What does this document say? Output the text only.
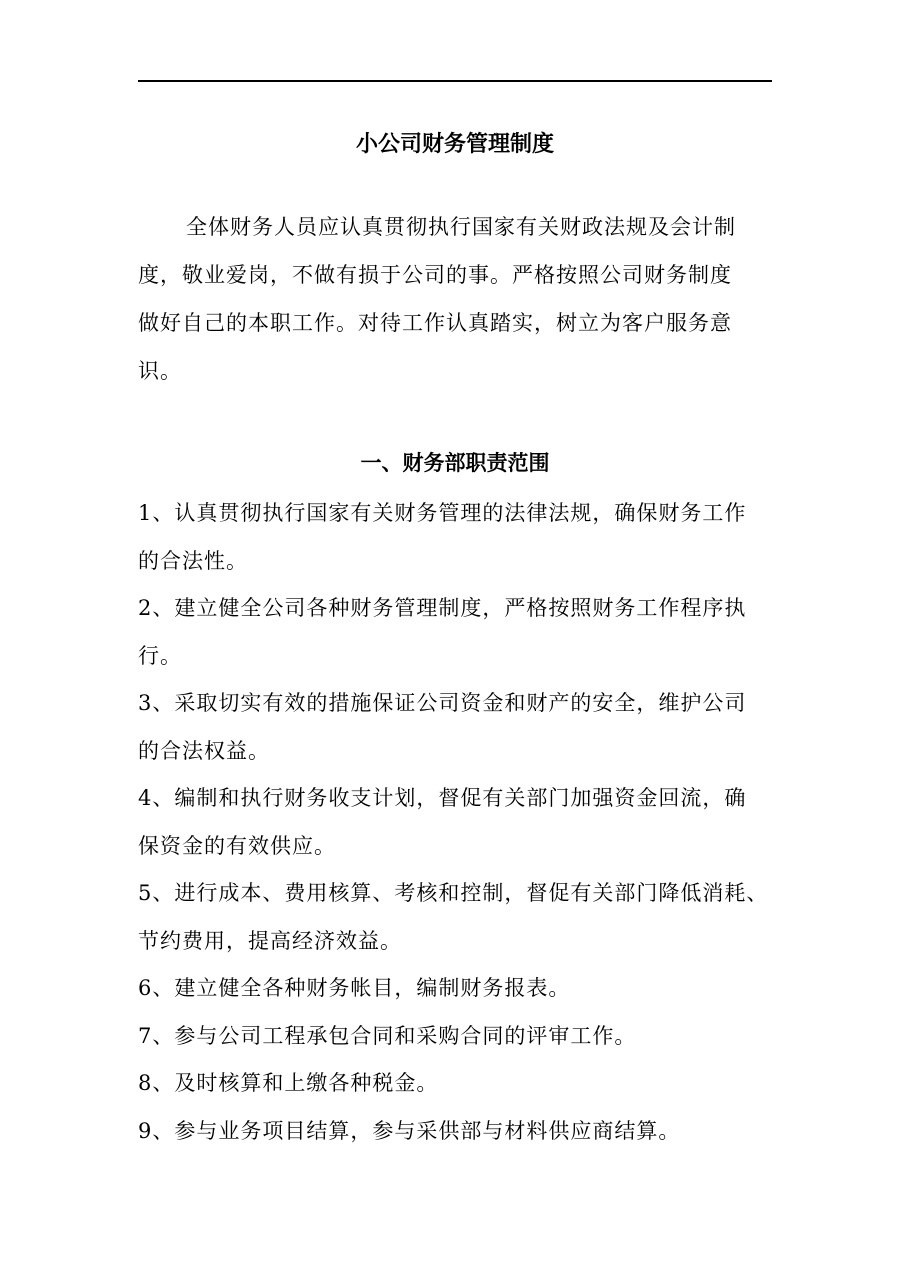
小公司财务管理制度

全体财务人员应认真贯彻执行国家有关财政法规及会计制
度，敬业爱岗，不做有损于公司的事。严格按照公司财务制度
做好自己的本职工作。对待工作认真踏实，树立为客户服务意
识。

一、财务部职责范围
1、认真贯彻执行国家有关财务管理的法律法规，确保财务工作
的合法性。
2、建立健全公司各种财务管理制度，严格按照财务工作程序执
行。
3、采取切实有效的措施保证公司资金和财产的安全，维护公司
的合法权益。
4、编制和执行财务收支计划，督促有关部门加强资金回流，确
保资金的有效供应。
5、进行成本、费用核算、考核和控制，督促有关部门降低消耗、
节约费用，提高经济效益。
6、建立健全各种财务帐目，编制财务报表。
7、参与公司工程承包合同和采购合同的评审工作。
8、及时核算和上缴各种税金。
9、参与业务项目结算，参与采供部与材料供应商结算。
